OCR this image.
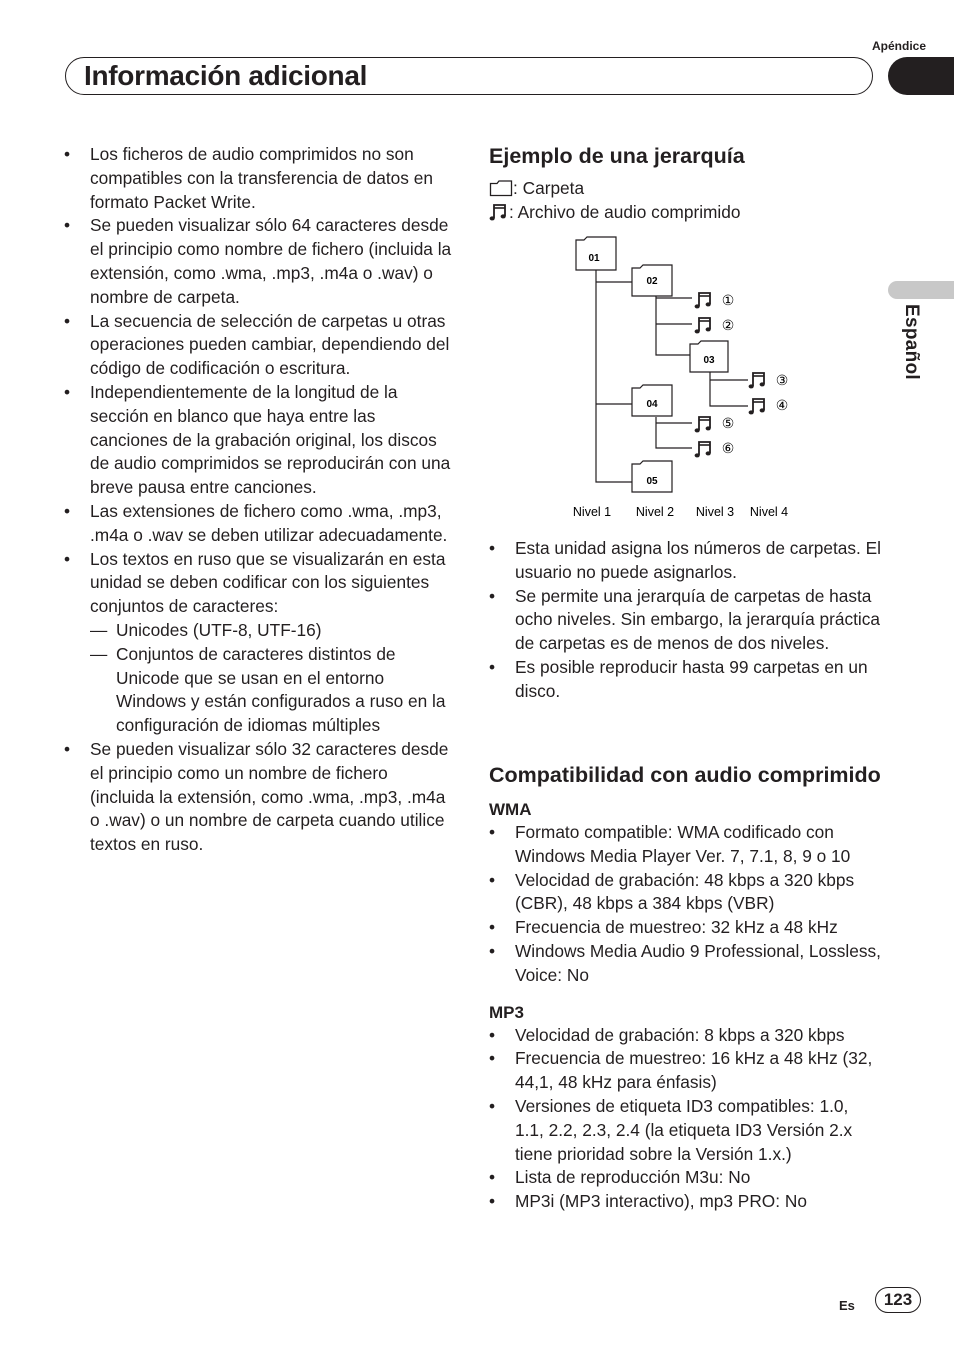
Apéndice
Información adicional
Español
•	Los ficheros de audio comprimidos no son compatibles con la transferencia de datos en formato Packet Write.
•	Se pueden visualizar sólo 64 caracteres desde el principio como nombre de fichero (incluida la extensión, como .wma, .mp3, .m4a o .wav) o nombre de carpeta.
•	La secuencia de selección de carpetas u otras operaciones pueden cambiar, dependiendo del código de codificación o escritura.
•	Independientemente de la longitud de la sección en blanco que haya entre las canciones de la grabación original, los discos de audio comprimidos se reproducirán con una breve pausa entre canciones.
•	Las extensiones de fichero como .wma, .mp3, .m4a o .wav se deben utilizar adecuadamente.
•	Los textos en ruso que se visualizarán en esta unidad se deben codificar con los siguientes conjuntos de caracteres:
— Unicodes (UTF-8, UTF-16)
— Conjuntos de caracteres distintos de Unicode que se usan en el entorno Windows y están configurados a ruso en la configuración de idiomas múltiples
•	Se pueden visualizar sólo 32 caracteres desde el principio como un nombre de fichero (incluida la extensión, como .wma, .mp3, .m4a o .wav) o un nombre de carpeta cuando utilice textos en ruso.
Ejemplo de una jerarquía
: Carpeta
: Archivo de audio comprimido
01
02
03
04
05
①
②
③
④
⑤
⑥
Nivel 1 Nivel 2 Nivel 3 Nivel 4
•	Esta unidad asigna los números de carpetas. El usuario no puede asignarlos.
•	Se permite una jerarquía de carpetas de hasta ocho niveles. Sin embargo, la jerarquía práctica de carpetas es de menos de dos niveles.
•	Es posible reproducir hasta 99 carpetas en un disco.
Compatibilidad con audio comprimido
WMA
•	Formato compatible: WMA codificado con Windows Media Player Ver. 7, 7.1, 8, 9 o 10
•	Velocidad de grabación: 48 kbps a 320 kbps (CBR), 48 kbps a 384 kbps (VBR)
•	Frecuencia de muestreo: 32 kHz a 48 kHz
•	Windows Media Audio 9 Professional, Lossless, Voice: No
MP3
•	Velocidad de grabación: 8 kbps a 320 kbps
•	Frecuencia de muestreo: 16 kHz a 48 kHz (32, 44,1, 48 kHz para énfasis)
•	Versiones de etiqueta ID3 compatibles: 1.0, 1.1, 2.2, 2.3, 2.4 (la etiqueta ID3 Versión 2.x tiene prioridad sobre la Versión 1.x.)
•	Lista de reproducción M3u: No
•	MP3i (MP3 interactivo), mp3 PRO: No
Es	123
